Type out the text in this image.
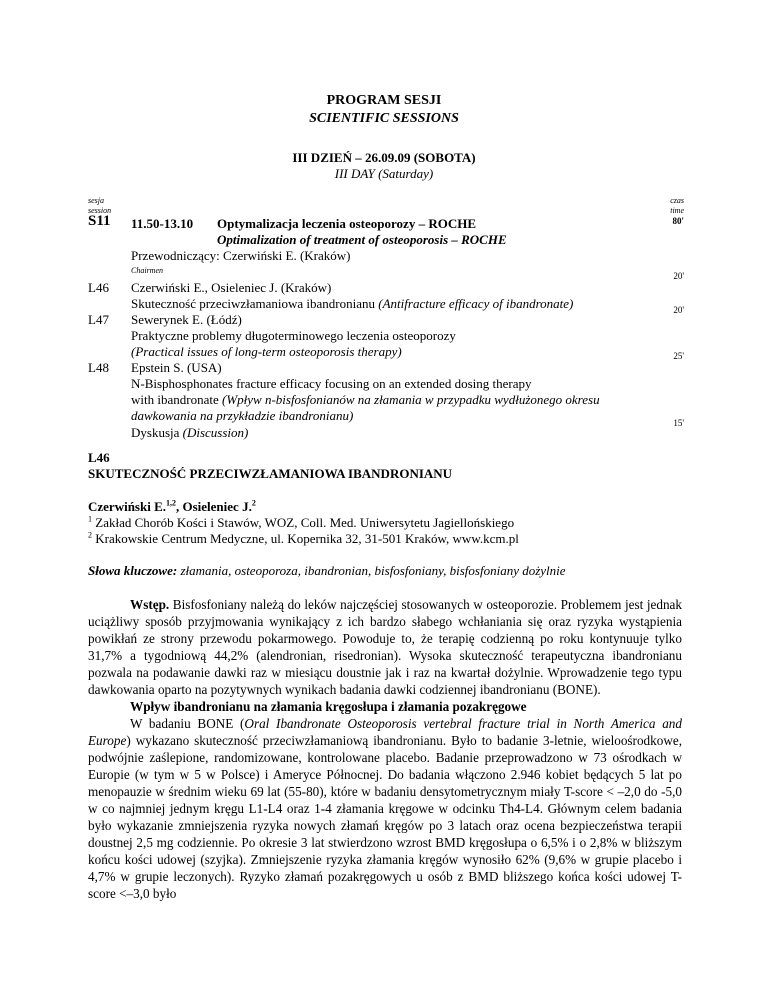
PROGRAM SESJI
SCIENTIFIC SESSIONS
III DZIEŃ – 26.09.09 (SOBOTA)
III DAY (Saturday)
sesja
session
czas
time
S11 11.50-13.10 Optymalizacja leczenia osteoporozy – ROCHE	80'
Optimalization of treatment of osteoporosis – ROCHE
Przewodniczący: Czerwiński E. (Kraków)
Chairmen
L46 Czerwiński E., Osieleniec J. (Kraków)
20'
Skuteczność przeciwzłamaniowa ibandronianu (Antifracture efficacy of ibandronate)
L47 Sewerynek E. (Łódź)
20'
Praktyczne problemy długoterminowego leczenia osteoporozy
(Practical issues of long-term osteoporosis therapy)
L48 Epstein S. (USA)
25'
N-Bisphosphonates fracture efficacy focusing on an extended dosing therapy
with ibandronate (Wpływ n-bisfosfonianów na złamania w przypadku wydłużonego okresu
dawkowania na przykładzie ibandronianu)
Dyskusja (Discussion)
15'
L46
SKUTECZNOŚĆ PRZECIWZŁAMANIOWA IBANDRONIANU
Czerwiński E.$^{1,2}$, Osieleniec J.$^2$
$^1$ Zakład Chorób Kości i Stawów, WOZ, Coll. Med. Uniwersytetu Jagiellońskiego
$^2$ Krakowskie Centrum Medyczne, ul. Kopernika 32, 31-501 Kraków, www.kcm.pl
Słowa kluczowe: złamania, osteoporoza, ibandronian, bisfosfoniany, bisfosfoniany dożylnie

Wstęp. Bisfosfoniany należą do leków najczęściej stosowanych w osteoporozie. Problemem jest jednak uciążliwy sposób przyjmowania wynikający z ich bardzo słabego wchłaniania się oraz ryzyka wystąpienia powikłań ze strony przewodu pokarmowego. Powoduje to, że terapię codzienną po roku kontynuuje tylko 31,7% a tygodniową 44,2% (alendronian, risedronian). Wysoka skuteczność terapeutyczna ibandronianu pozwala na podawanie dawki raz w miesiącu doustnie jak i raz na kwartał dożylnie. Wprowadzenie tego typu dawkowania oparto na pozytywnych wynikach badania dawki codziennej ibandronianu (BONE).

Wpływ ibandronianu na złamania kręgosłupa i złamania pozakręgowe

W badaniu BONE (Oral Ibandronate Osteoporosis vertebral fracture trial in North America and Europe) wykazano skuteczność przeciwzłamaniową ibandronianu. Było to badanie 3-letnie, wieloośrodkowe, podwójnie zaślepione, randomizowane, kontrolowane placebo. Badanie przeprowadzono w 73 ośrodkach w Europie (w tym w 5 w Polsce) i Ameryce Północnej. Do badania włączono 2.946 kobiet będących 5 lat po menopauzie w średnim wieku 69 lat (55-80), które w badaniu densytometrycznym miały T-score < –2,0 do -5,0 w co najmniej jednym kręgu L1-L4 oraz 1-4 złamania kręgowe w odcinku Th4-L4. Głównym celem badania było wykazanie zmniejszenia ryzyka nowych złamań kręgów po 3 latach oraz ocena bezpieczeństwa terapii doustnej 2,5 mg codziennie. Po okresie 3 lat stwierdzono wzrost BMD kręgosłupa o 6,5% i o 2,8% w bliższym końcu kości udowej (szyjka). Zmniejszenie ryzyka złamania kręgów wynosiło 62% (9,6% w grupie placebo i 4,7% w grupie leczonych). Ryzyko złamań pozakręgowych u osób z BMD bliższego końca kości udowej T-score <–3,0 było
